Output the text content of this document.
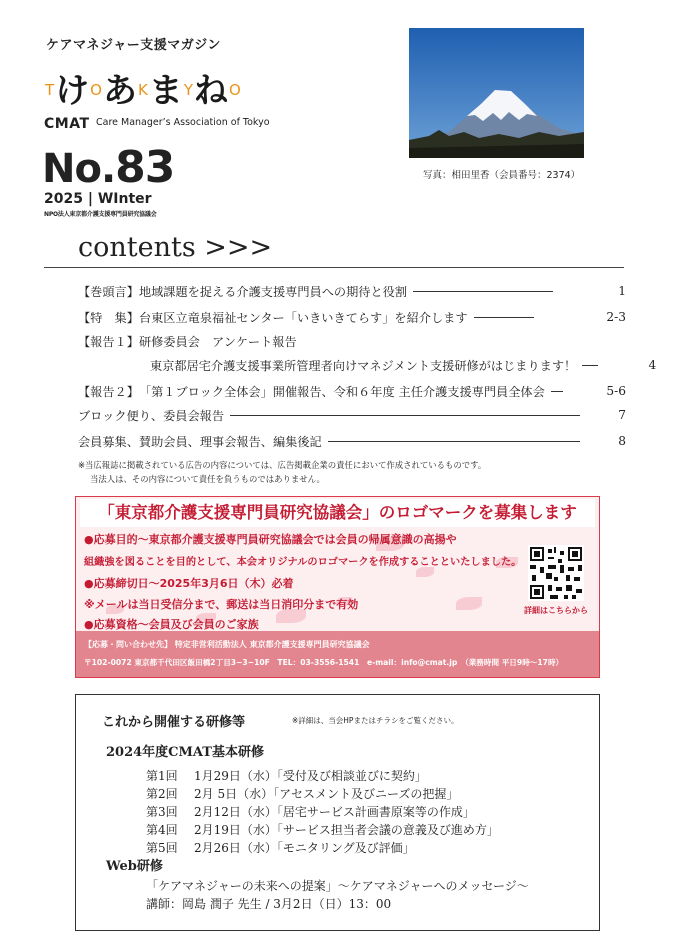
ケアマネジャー支援マガジン
T け O あ K ま Y ね O
CMAT Care Manager’s Association of Tokyo
No.83
2025 | WInter
NPO法人東京都介護支援専門員研究協議会
写真：相田里香（会員番号：2374）
contents >>>
【巻頭言】 地域課題を捉える介護支援専門員への期待と役割	1
【特　集】 台東区立竜泉福祉センター「いきいきてらす」を紹介します	2-3
【報告１】 研修委員会　アンケート報告
東京都居宅介護支援事業所管理者向けマネジメント支援研修がはじまります！	4
【報告２】 「第１ブロック全体会」開催報告、令和６年度 主任介護支援専門員全体会	5-6
ブロック便り、委員会報告	7
会員募集、賛助会員、理事会報告、編集後記	8
※当広報誌に掲載されている広告の内容については、広告掲載企業の責任において作成されているものです。
当法人は、その内容について責任を負うものではありません。
「東京都介護支援専門員研究協議会」のロゴマークを募集します
●応募目的〜東京都介護支援専門員研究協議会では会員の帰属意識の高揚や
組織強を図ることを目的として、本会オリジナルのロゴマークを作成することといたしました。
●応募締切日〜2025年3月6日（木）必着
※メールは当日受信分まで、郵送は当日消印分まで有効
●応募資格〜会員及び会員のご家族
詳細はこちらから
【応募・問い合わせ先】 特定非営利活動法人 東京都介護支援専門員研究協議会
〒102-0072 東京都千代田区飯田橋2丁目3−3−10F　TEL：03-3556-1541　e-mail：info@cmat.jp　（業務時間 平日9時〜17時）
これから開催する研修等	※詳細は、当会HPまたはチラシをご覧ください。
2024年度CMAT基本研修
第1回 1月29日（水）「受付及び相談並びに契約」
第2回 2月 5日（水）「アセスメント及びニーズの把握」
第3回 2月12日（水）「居宅サービス計画書原案等の作成」
第4回 2月19日（水）「サービス担当者会議の意義及び進め方」
第5回 2月26日（水）「モニタリング及び評価」
Web研修
「ケアマネジャーの未来への提案」〜ケアマネジャーへのメッセージ〜
講師：岡島 潤子 先生 / 3月2日（日）13：00
